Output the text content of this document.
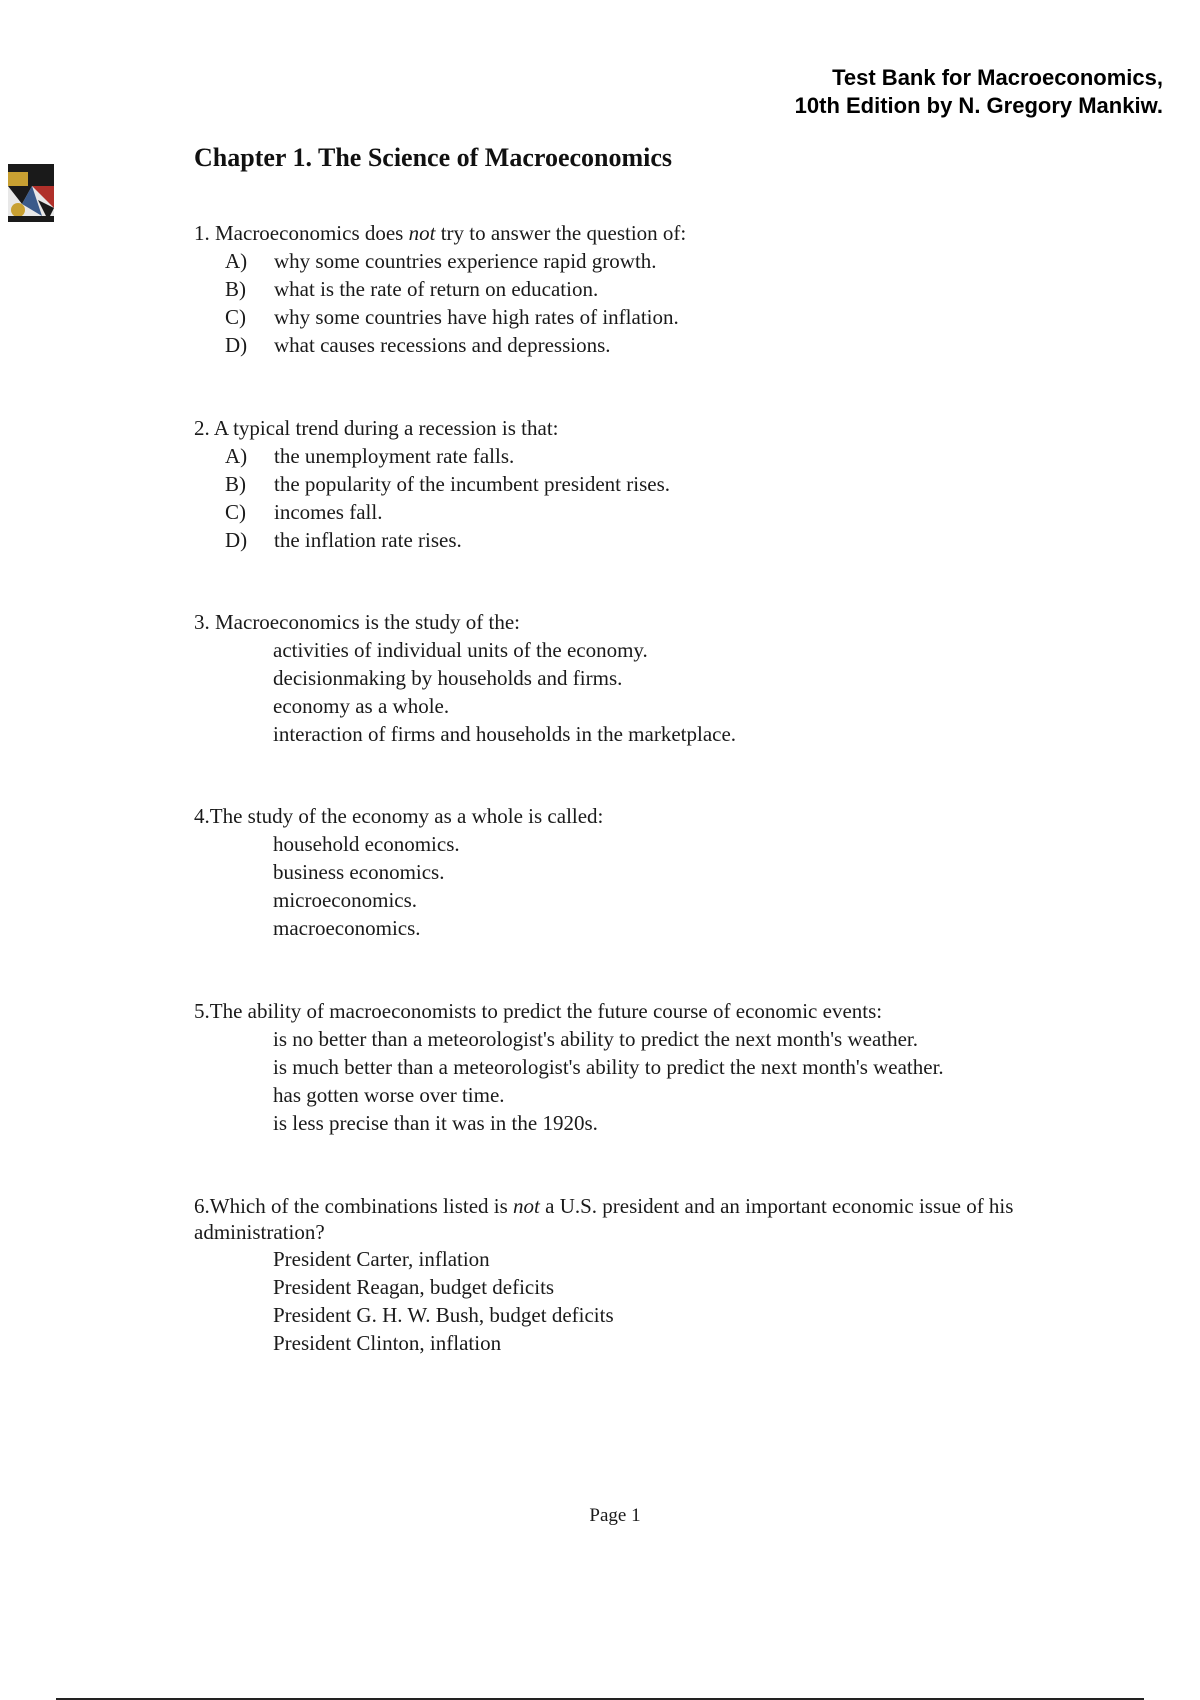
Test Bank for Macroeconomics,
10th Edition by N. Gregory Mankiw.
Chapter 1. The Science of Macroeconomics
1. Macroeconomics does not try to answer the question of:
A)	why some countries experience rapid growth.
B)	what is the rate of return on education.
C)	why some countries have high rates of inflation.
D)	what causes recessions and depressions.
2. A typical trend during a recession is that:
A)	the unemployment rate falls.
B)	the popularity of the incumbent president rises.
C)	incomes fall.
D)	the inflation rate rises.
3. Macroeconomics is the study of the:
activities of individual units of the economy.
decisionmaking by households and firms.
economy as a whole.
interaction of firms and households in the marketplace.
4.The study of the economy as a whole is called:
household economics.
business economics.
microeconomics.
macroeconomics.
5.The ability of macroeconomists to predict the future course of economic events:
is no better than a meteorologist's ability to predict the next month's weather.
is much better than a meteorologist's ability to predict the next month's weather.
has gotten worse over time.
is less precise than it was in the 1920s.
6.Which of the combinations listed is not a U.S. president and an important economic issue of his administration?
President Carter, inflation
President Reagan, budget deficits
President G. H. W. Bush, budget deficits
President Clinton, inflation
Page 1
